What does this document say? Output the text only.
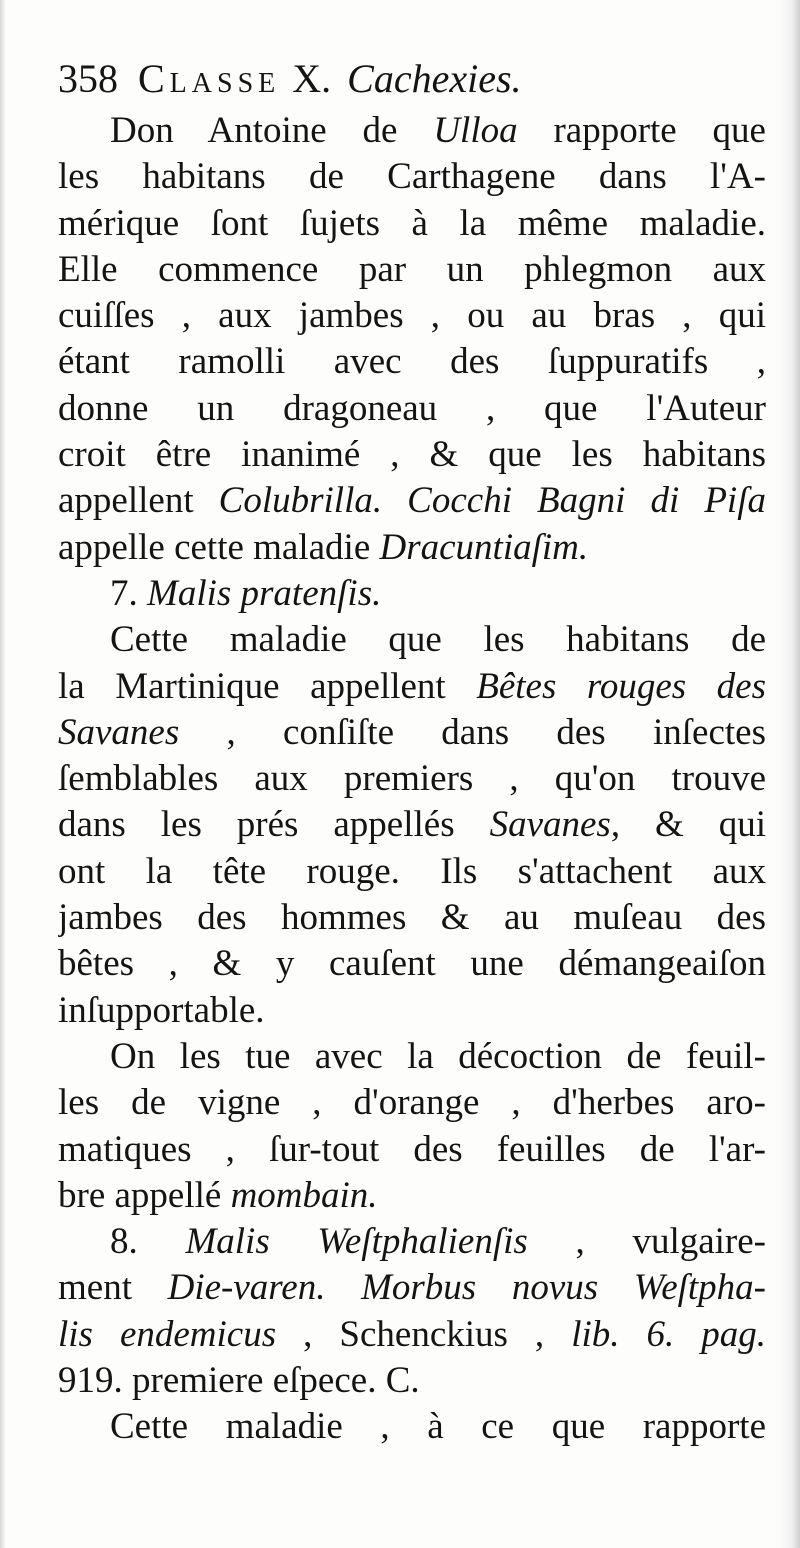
358 Classe X. Cachexies.
Don Antoine de Ulloa rapporte que
les habitans de Carthagene dans l'A-
mérique ſont ſujets à la même maladie.
Elle commence par un phlegmon aux
cuiſſes , aux jambes , ou au bras , qui
étant ramolli avec des ſuppuratifs ,
donne un dragoneau , que l'Auteur
croit être inanimé , & que les habitans
appellent Colubrilla. Cocchi Bagni di Piſa
appelle cette maladie Dracuntiaſim.
7. Malis pratenſis.
Cette maladie que les habitans de
la Martinique appellent Bêtes rouges des
Savanes , conſiſte dans des inſectes
ſemblables aux premiers , qu'on trouve
dans les prés appellés Savanes, & qui
ont la tête rouge. Ils s'attachent aux
jambes des hommes & au muſeau des
bêtes , & y cauſent une démangeaiſon
inſupportable.
On les tue avec la décoction de feuil-
les de vigne , d'orange , d'herbes aro-
matiques , ſur-tout des feuilles de l'ar-
bre appellé mombain.
8. Malis Weſtphalienſis , vulgaire-
ment Die-varen. Morbus novus Weſtpha-
lis endemicus , Schenckius , lib. 6. pag.
919. premiere eſpece. C.
Cette maladie , à ce que rapporte
